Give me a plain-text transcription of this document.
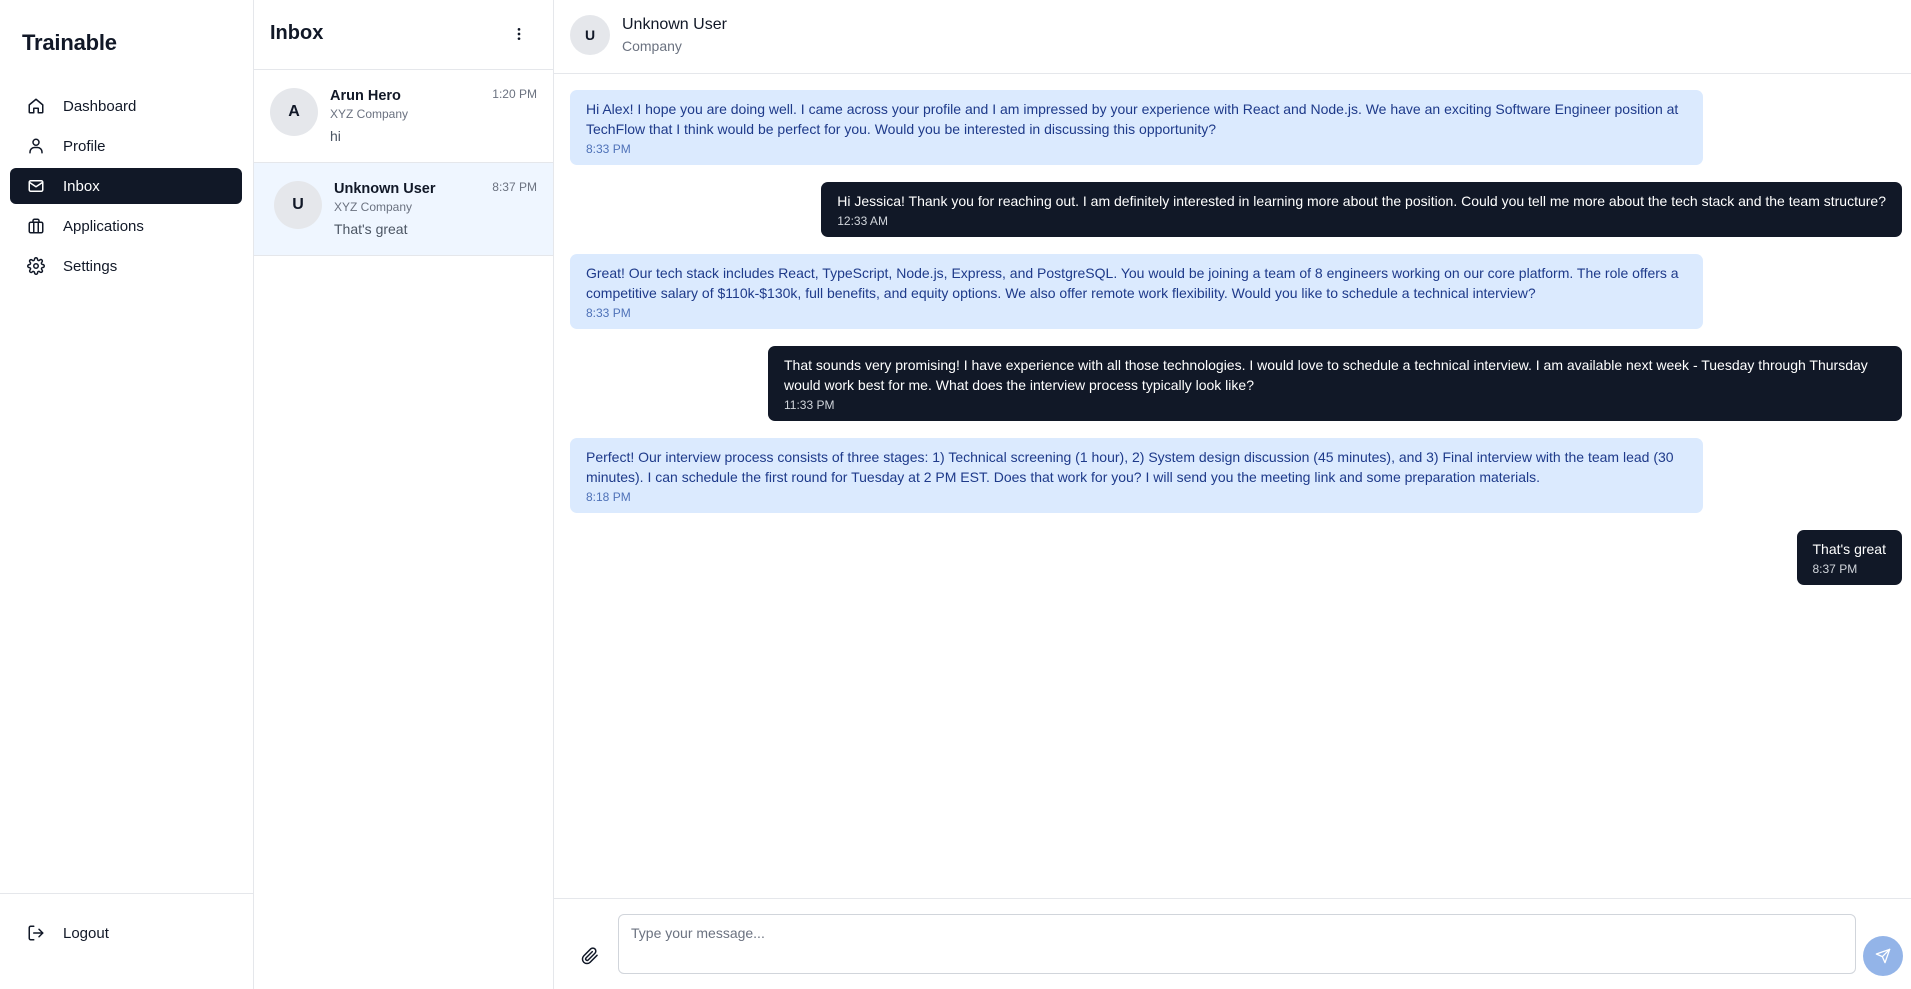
Trainable
Dashboard
Profile
Inbox
Applications
Settings
Logout
Inbox
A
Arun Hero
XYZ Company
hi
1:20 PM
U
Unknown User
XYZ Company
That's great
8:37 PM
U
Unknown User
Company
Hi Alex! I hope you are doing well. I came across your profile and I am impressed by your experience with React and Node.js. We have an exciting Software Engineer position at TechFlow that I think would be perfect for you. Would you be interested in discussing this opportunity?
8:33 PM
Hi Jessica! Thank you for reaching out. I am definitely interested in learning more about the position. Could you tell me more about the tech stack and the team structure?
12:33 AM
Great! Our tech stack includes React, TypeScript, Node.js, Express, and PostgreSQL. You would be joining a team of 8 engineers working on our core platform. The role offers a competitive salary of $110k-$130k, full benefits, and equity options. We also offer remote work flexibility. Would you like to schedule a technical interview?
8:33 PM
That sounds very promising! I have experience with all those technologies. I would love to schedule a technical interview. I am available next week - Tuesday through Thursday would work best for me. What does the interview process typically look like?
11:33 PM
Perfect! Our interview process consists of three stages: 1) Technical screening (1 hour), 2) System design discussion (45 minutes), and 3) Final interview with the team lead (30 minutes). I can schedule the first round for Tuesday at 2 PM EST. Does that work for you? I will send you the meeting link and some preparation materials.
8:18 PM
That's great
8:37 PM
Type your message...
